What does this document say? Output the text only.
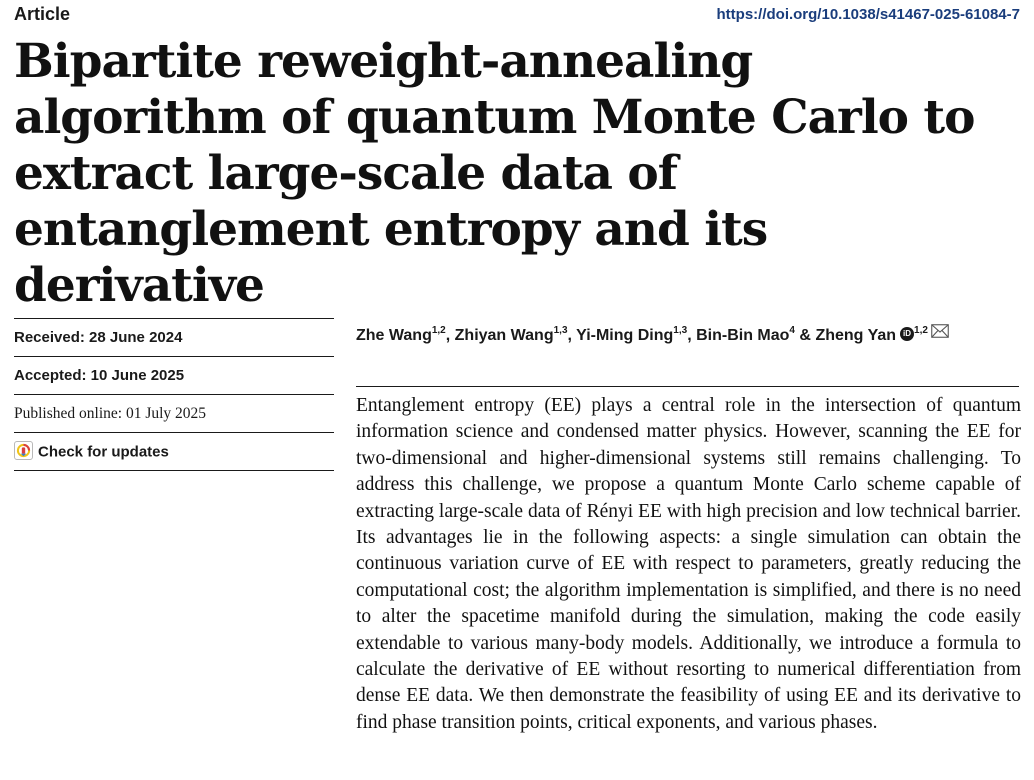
Article	https://doi.org/10.1038/s41467-025-61084-7
Bipartite reweight-annealing algorithm of quantum Monte Carlo to extract large-scale data of entanglement entropy and its derivative
Received: 28 June 2024
Accepted: 10 June 2025
Published online: 01 July 2025
Check for updates
Zhe Wang$^{1,2}$, Zhiyan Wang$^{1,3}$, Yi-Ming Ding$^{1,3}$, Bin-Bin Mao$^4$ & Zheng Yan iD $^{1,2}$

Entanglement entropy (EE) plays a central role in the intersection of quantum information science and condensed matter physics. However, scanning the EE for two-dimensional and higher-dimensional systems still remains challenging. To address this challenge, we propose a quantum Monte Carlo scheme capable of extracting large-scale data of Rényi EE with high precision and low technical barrier. Its advantages lie in the following aspects: a single simulation can obtain the continuous variation curve of EE with respect to parameters, greatly reducing the computational cost; the algorithm implementation is simplified, and there is no need to alter the spacetime manifold during the simulation, making the code easily extendable to various many-body models. Additionally, we introduce a formula to calculate the derivative of EE without resorting to numerical differentiation from dense EE data. We then demonstrate the feasibility of using EE and its derivative to find phase transition points, critical exponents, and various phases.
